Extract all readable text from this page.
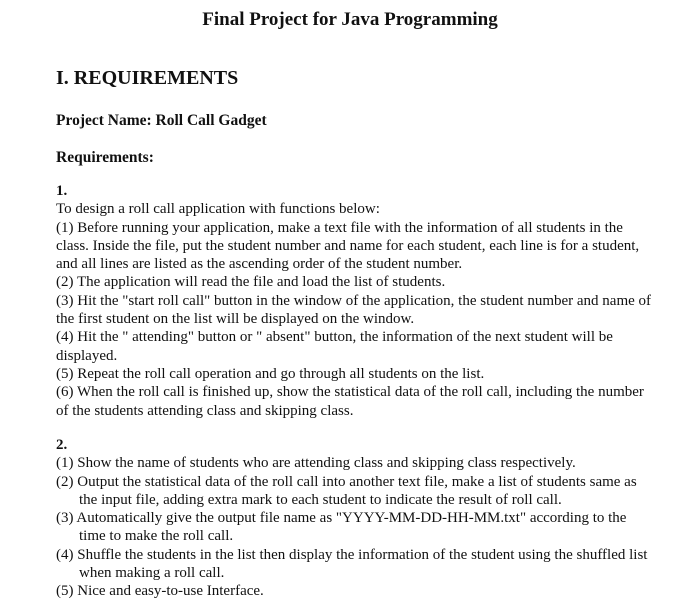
Final Project for Java Programming
I. REQUIREMENTS

Project Name: Roll Call Gadget

Requirements:

1.
To design a roll call application with functions below:
(1) Before running your application, make a text file with the information of all students in the class. Inside the file, put the student number and name for each student, each line is for a student, and all lines are listed as the ascending order of the student number.
(2) The application will read the file and load the list of students.
(3) Hit the "start roll call" button in the window of the application, the student number and name of the first student on the list will be displayed on the window.
(4) Hit the " attending" button or " absent" button, the information of the next student will be displayed.
(5) Repeat the roll call operation and go through all students on the list.
(6) When the roll call is finished up, show the statistical data of the roll call, including the number of the students attending class and skipping class.
2.
(1) Show the name of students who are attending class and skipping class respectively.
(2) Output the statistical data of the roll call into another text file, make a list of students same as the input file, adding extra mark to each student to indicate the result of roll call.
(3) Automatically give the output file name as "YYYY-MM-DD-HH-MM.txt" according to the time to make the roll call.
(4) Shuffle the students in the list then display the information of the student using the shuffled list when making a roll call.
(5) Nice and easy-to-use Interface.
